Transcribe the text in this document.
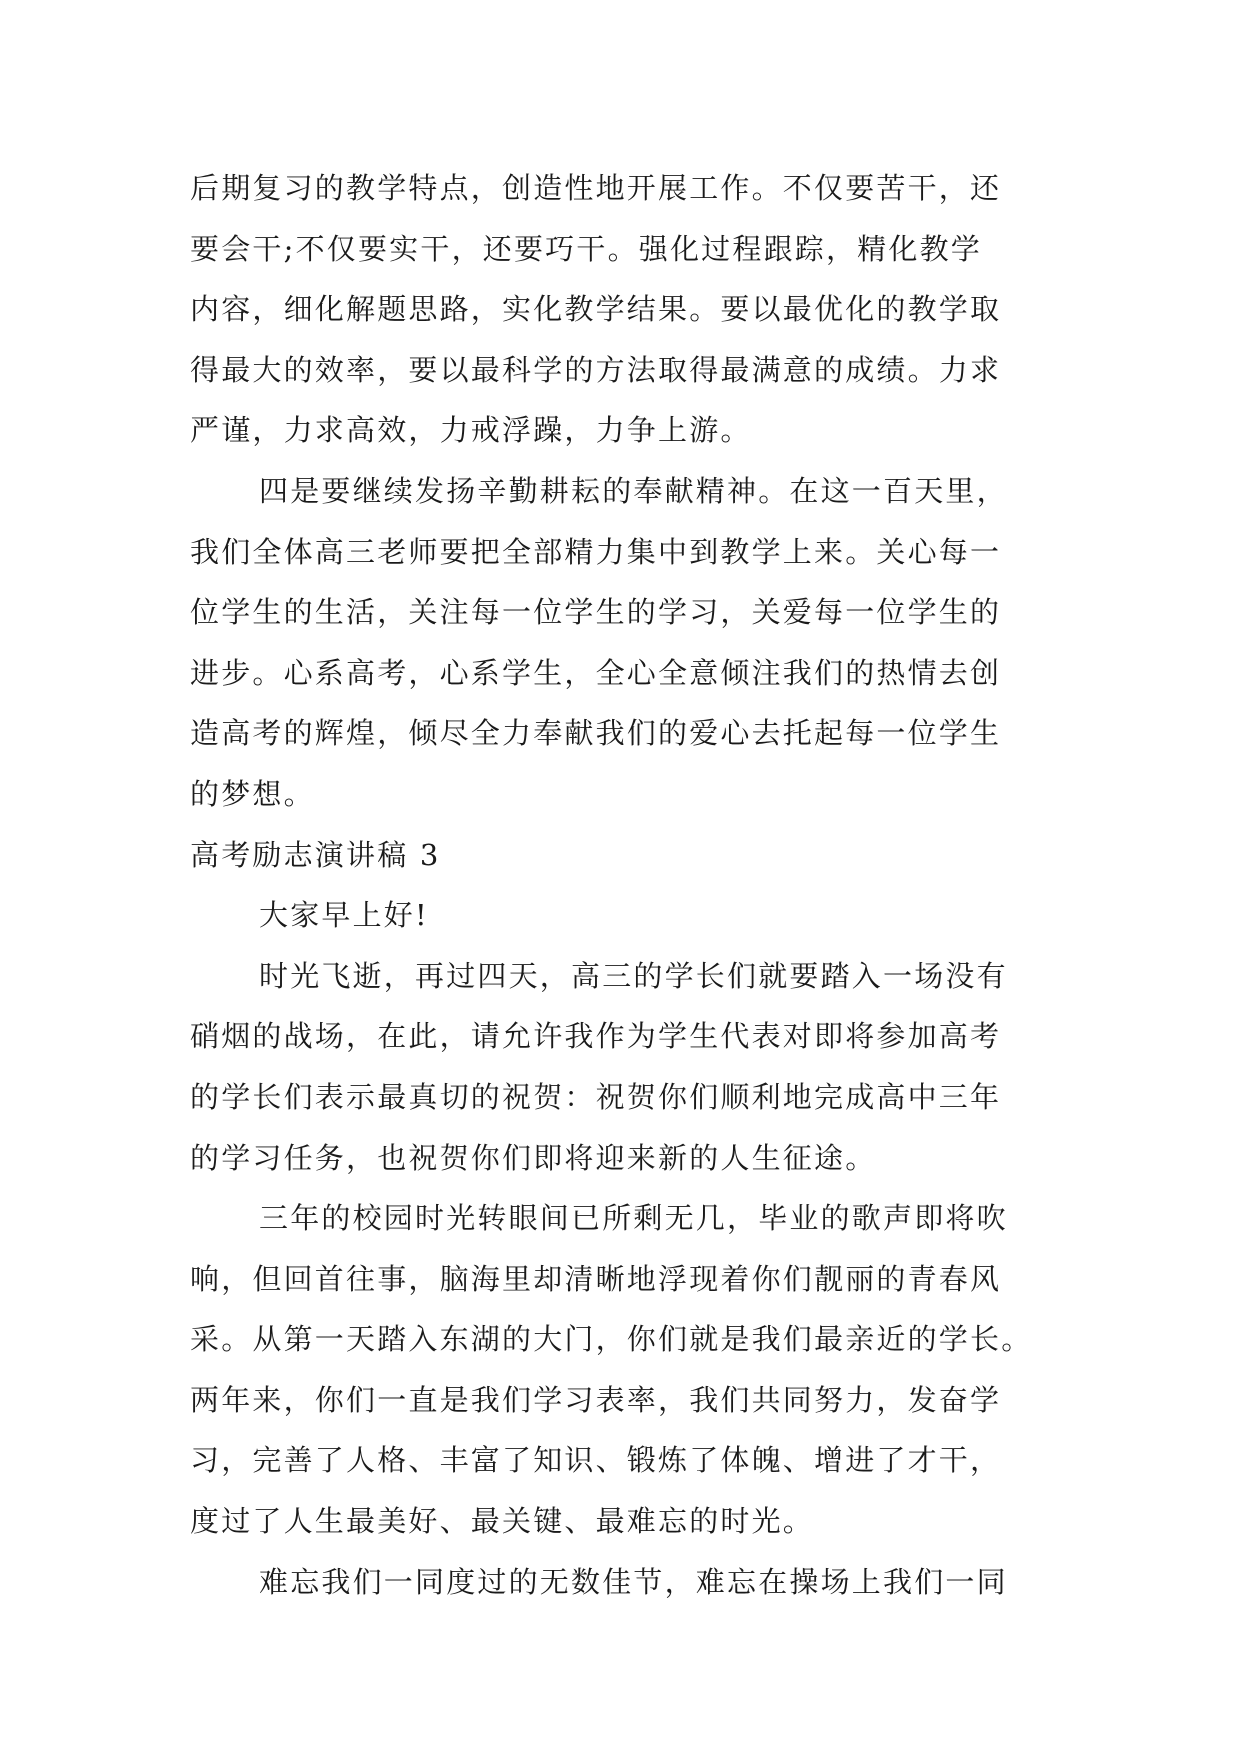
后期复习的教学特点，创造性地开展工作。不仅要苦干，还
要会干;不仅要实干，还要巧干。强化过程跟踪，精化教学
内容，细化解题思路，实化教学结果。要以最优化的教学取
得最大的效率，要以最科学的方法取得最满意的成绩。力求
严谨，力求高效，力戒浮躁，力争上游。
四是要继续发扬辛勤耕耘的奉献精神。在这一百天里，
我们全体高三老师要把全部精力集中到教学上来。关心每一
位学生的生活，关注每一位学生的学习，关爱每一位学生的
进步。心系高考，心系学生，全心全意倾注我们的热情去创
造高考的辉煌，倾尽全力奉献我们的爱心去托起每一位学生
的梦想。
高考励志演讲稿 3
大家早上好!
时光飞逝，再过四天，高三的学长们就要踏入一场没有
硝烟的战场，在此，请允许我作为学生代表对即将参加高考
的学长们表示最真切的祝贺：祝贺你们顺利地完成高中三年
的学习任务，也祝贺你们即将迎来新的人生征途。
三年的校园时光转眼间已所剩无几，毕业的歌声即将吹
响，但回首往事，脑海里却清晰地浮现着你们靓丽的青春风
采。从第一天踏入东湖的大门，你们就是我们最亲近的学长。
两年来，你们一直是我们学习表率，我们共同努力，发奋学
习，完善了人格、丰富了知识、锻炼了体魄、增进了才干，
度过了人生最美好、最关键、最难忘的时光。
难忘我们一同度过的无数佳节，难忘在操场上我们一同
